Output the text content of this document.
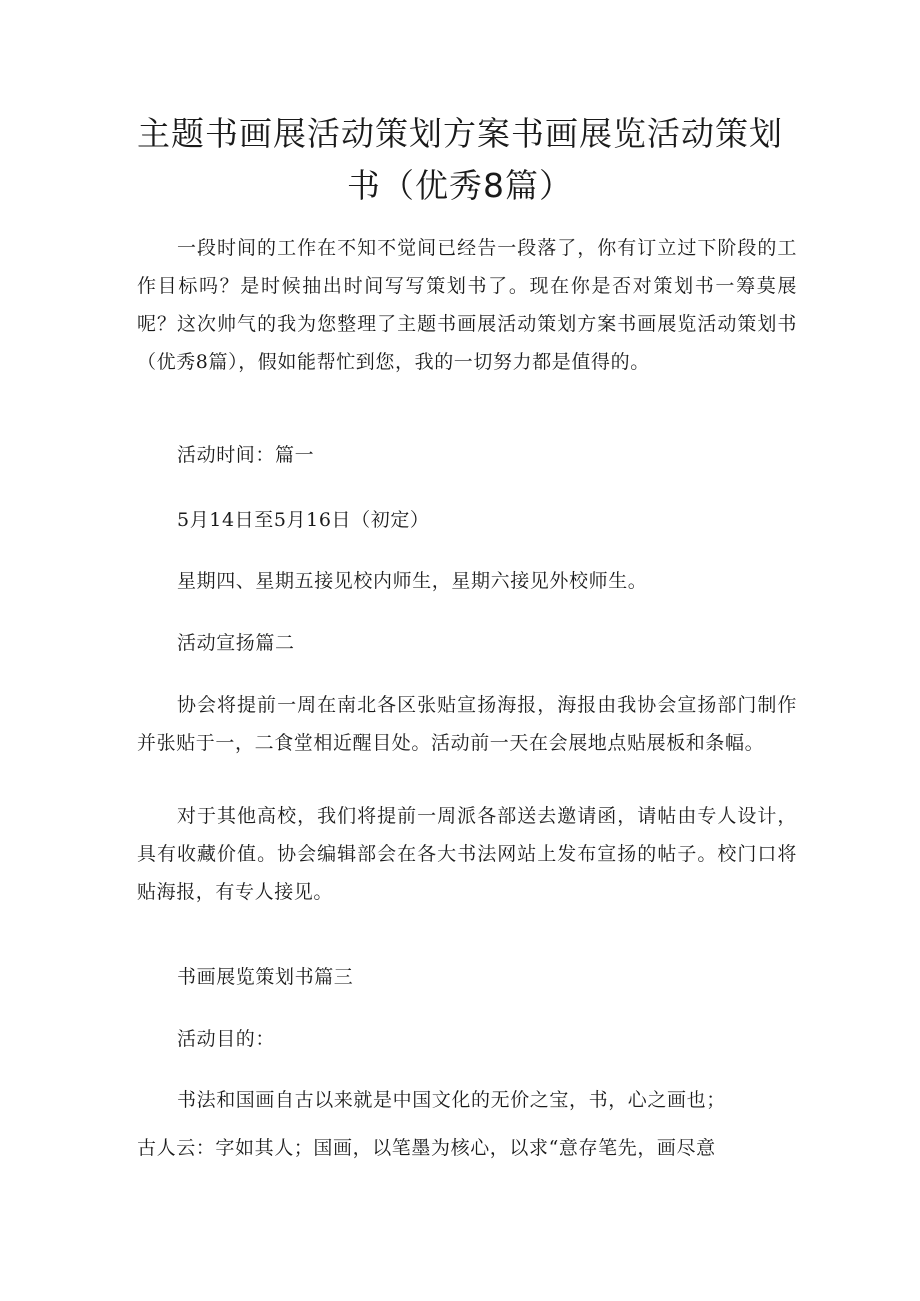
主题书画展活动策划方案书画展览活动策划书（优秀8篇）

一段时间的工作在不知不觉间已经告一段落了，你有订立过下阶段的工作目标吗？是时候抽出时间写写策划书了。现在你是否对策划书一筹莫展呢？这次帅气的我为您整理了主题书画展活动策划方案书画展览活动策划书（优秀8篇），假如能帮忙到您，我的一切努力都是值得的。

活动时间：篇一

5月14日至5月16日（初定）

星期四、星期五接见校内师生，星期六接见外校师生。

活动宣扬篇二

协会将提前一周在南北各区张贴宣扬海报，海报由我协会宣扬部门制作并张贴于一，二食堂相近醒目处。活动前一天在会展地点贴展板和条幅。

对于其他高校，我们将提前一周派各部送去邀请函，请帖由专人设计，具有收藏价值。协会编辑部会在各大书法网站上发布宣扬的帖子。校门口将贴海报，有专人接见。

书画展览策划书篇三

活动目的：

书法和国画自古以来就是中国文化的无价之宝，书，心之画也；

古人云：字如其人；国画，以笔墨为核心，以求“意存笔先，画尽意
